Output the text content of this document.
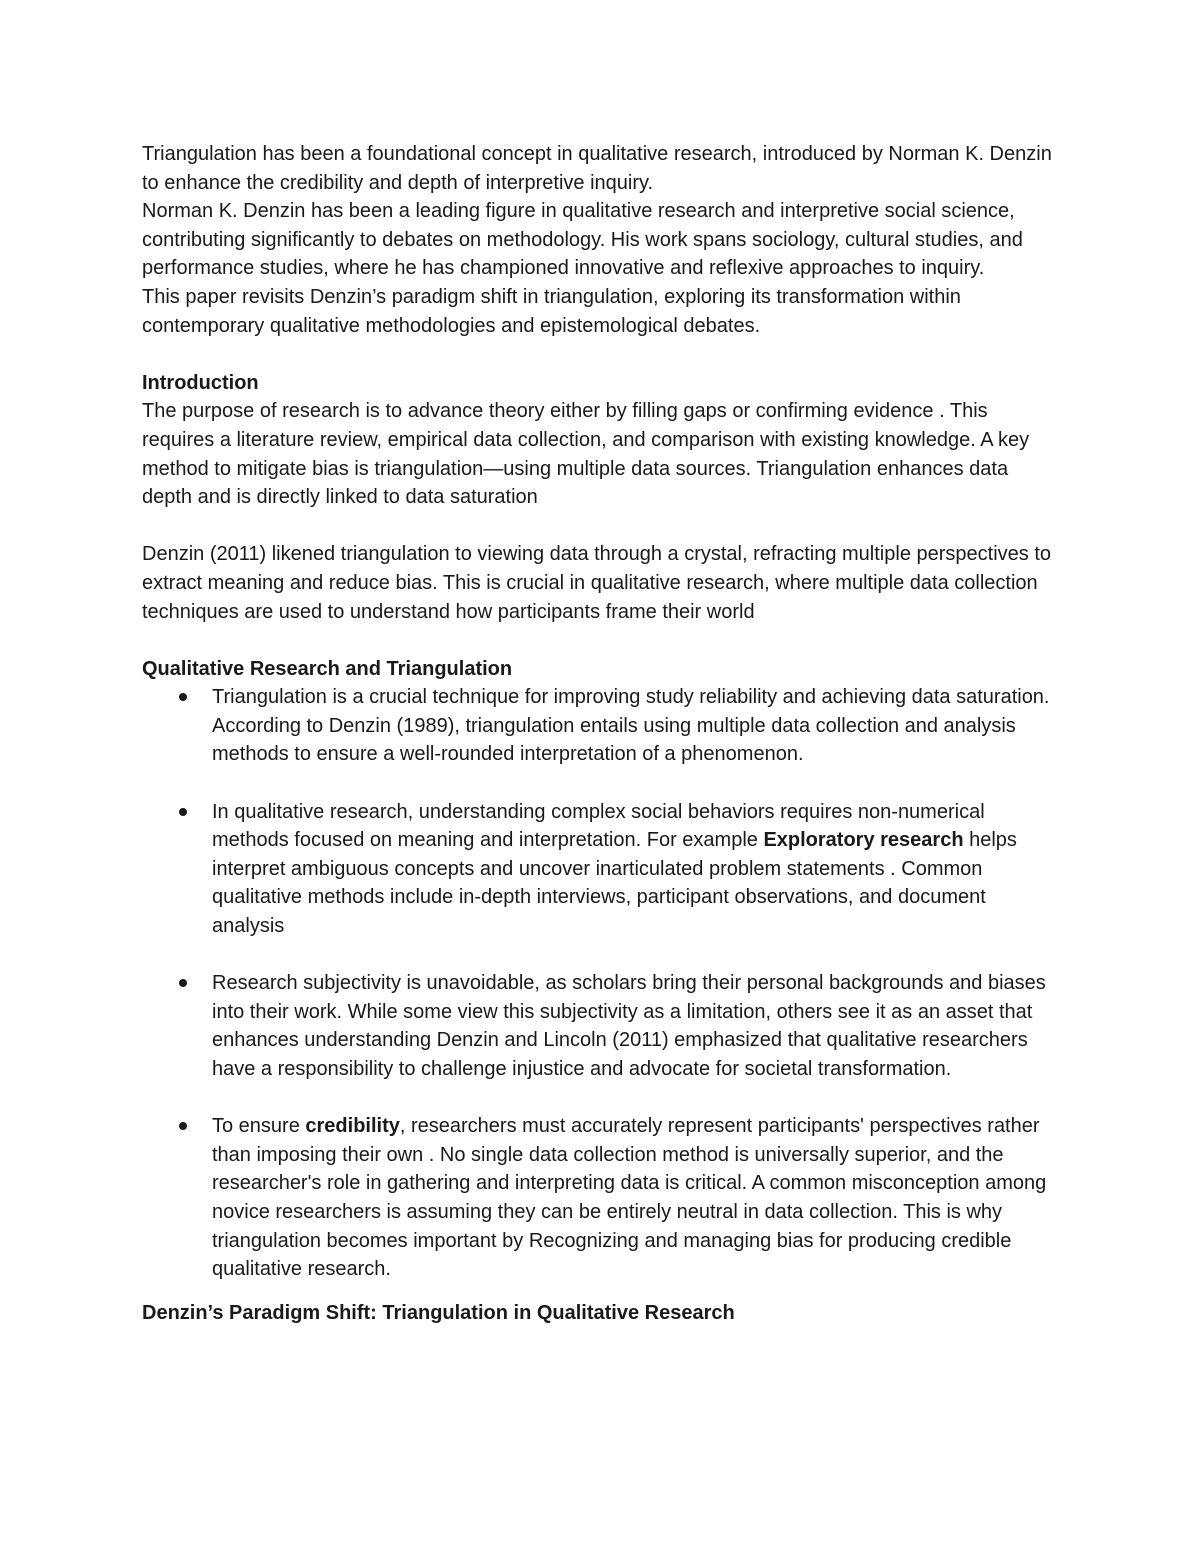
Triangulation has been a foundational concept in qualitative research, introduced by Norman K. Denzin to enhance the credibility and depth of interpretive inquiry.

Norman K. Denzin has been a leading figure in qualitative research and interpretive social science, contributing significantly to debates on methodology. His work spans sociology, cultural studies, and performance studies, where he has championed innovative and reflexive approaches to inquiry.

This paper revisits Denzin’s paradigm shift in triangulation, exploring its transformation within contemporary qualitative methodologies and epistemological debates.

Introduction

The purpose of research is to advance theory either by filling gaps or confirming evidence . This requires a literature review, empirical data collection, and comparison with existing knowledge. A key method to mitigate bias is triangulation—using multiple data sources. Triangulation enhances data depth and is directly linked to data saturation

Denzin (2011) likened triangulation to viewing data through a crystal, refracting multiple perspectives to extract meaning and reduce bias. This is crucial in qualitative research, where multiple data collection techniques are used to understand how participants frame their world

Qualitative Research and Triangulation

Triangulation is a crucial technique for improving study reliability and achieving data saturation. According to Denzin (1989), triangulation entails using multiple data collection and analysis methods to ensure a well-rounded interpretation of a phenomenon.
In qualitative research, understanding complex social behaviors requires non-numerical methods focused on meaning and interpretation. For example Exploratory research helps interpret ambiguous concepts and uncover inarticulated problem statements . Common qualitative methods include in-depth interviews, participant observations, and document analysis
Research subjectivity is unavoidable, as scholars bring their personal backgrounds and biases into their work. While some view this subjectivity as a limitation, others see it as an asset that enhances understanding Denzin and Lincoln (2011) emphasized that qualitative researchers have a responsibility to challenge injustice and advocate for societal transformation.
To ensure credibility, researchers must accurately represent participants' perspectives rather than imposing their own . No single data collection method is universally superior, and the researcher's role in gathering and interpreting data is critical. A common misconception among novice researchers is assuming they can be entirely neutral in data collection. This is why triangulation becomes important by Recognizing and managing bias for producing credible qualitative research.

Denzin’s Paradigm Shift: Triangulation in Qualitative Research
